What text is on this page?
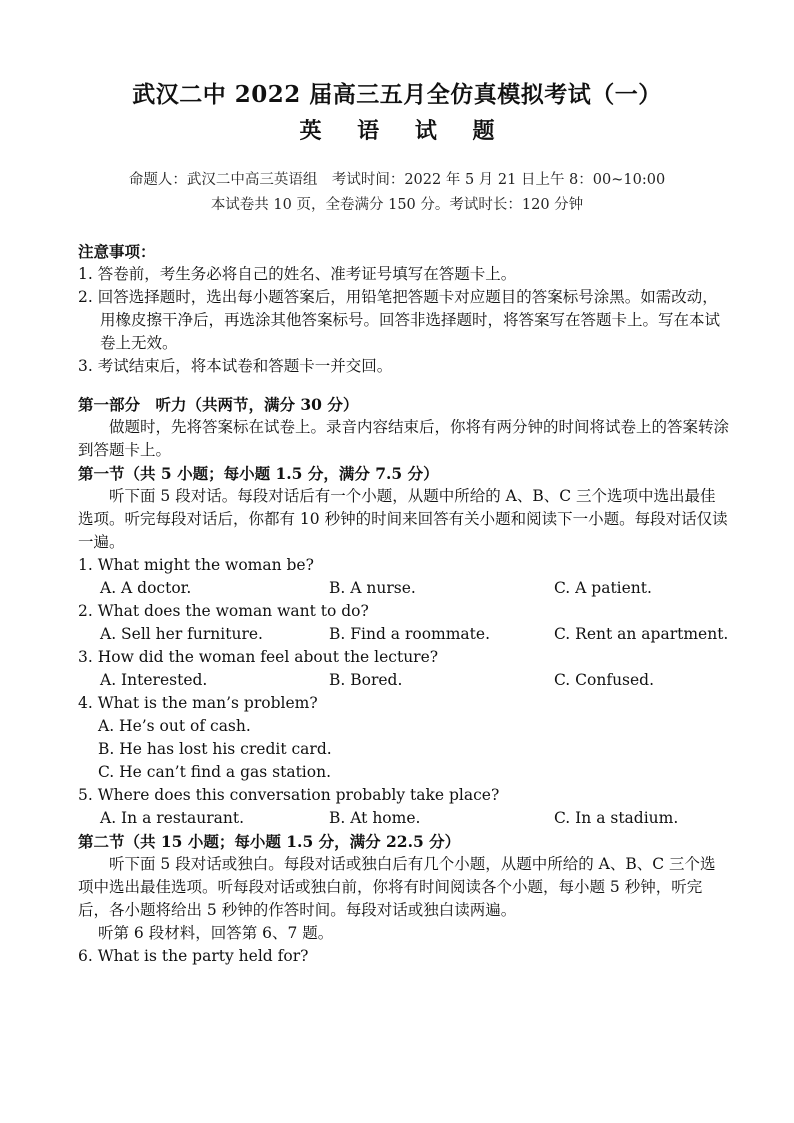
武汉二中 2022 届高三五月全仿真模拟考试（一）
英 语 试 题
命题人：武汉二中高三英语组　考试时间：2022 年 5 月 21 日上午 8：00~10:00
本试卷共 10 页，全卷满分 150 分。考试时长：120 分钟
注意事项：
1. 答卷前，考生务必将自己的姓名、准考证号填写在答题卡上。
2. 回答选择题时，选出每小题答案后，用铅笔把答题卡对应题目的答案标号涂黑。如需改动，用橡皮擦干净后，再选涂其他答案标号。回答非选择题时，将答案写在答题卡上。写在本试卷上无效。
3. 考试结束后，将本试卷和答题卡一并交回。
第一部分　听力（共两节，满分 30 分）
做题时，先将答案标在试卷上。录音内容结束后，你将有两分钟的时间将试卷上的答案转涂到答题卡上。
第一节（共 5 小题；每小题 1.5 分，满分 7.5 分）
听下面 5 段对话。每段对话后有一个小题，从题中所给的 A、B、C 三个选项中选出最佳选项。听完每段对话后，你都有 10 秒钟的时间来回答有关小题和阅读下一小题。每段对话仅读一遍。
1. What might the woman be?
A. A doctor.	B. A nurse.	C. A patient.
2. What does the woman want to do?
A. Sell her furniture.	B. Find a roommate.	C. Rent an apartment.
3. How did the woman feel about the lecture?
A. Interested.	B. Bored.	C. Confused.
4. What is the man’s problem?
A. He’s out of cash.
B. He has lost his credit card.
C. He can’t find a gas station.
5. Where does this conversation probably take place?
A. In a restaurant.	B. At home.	C. In a stadium.
第二节（共 15 小题；每小题 1.5 分，满分 22.5 分）
听下面 5 段对话或独白。每段对话或独白后有几个小题，从题中所给的 A、B、C 三个选项中选出最佳选项。听每段对话或独白前，你将有时间阅读各个小题，每小题 5 秒钟，听完后，各小题将给出 5 秒钟的作答时间。每段对话或独白读两遍。
听第 6 段材料，回答第 6、7 题。
6. What is the party held for?
